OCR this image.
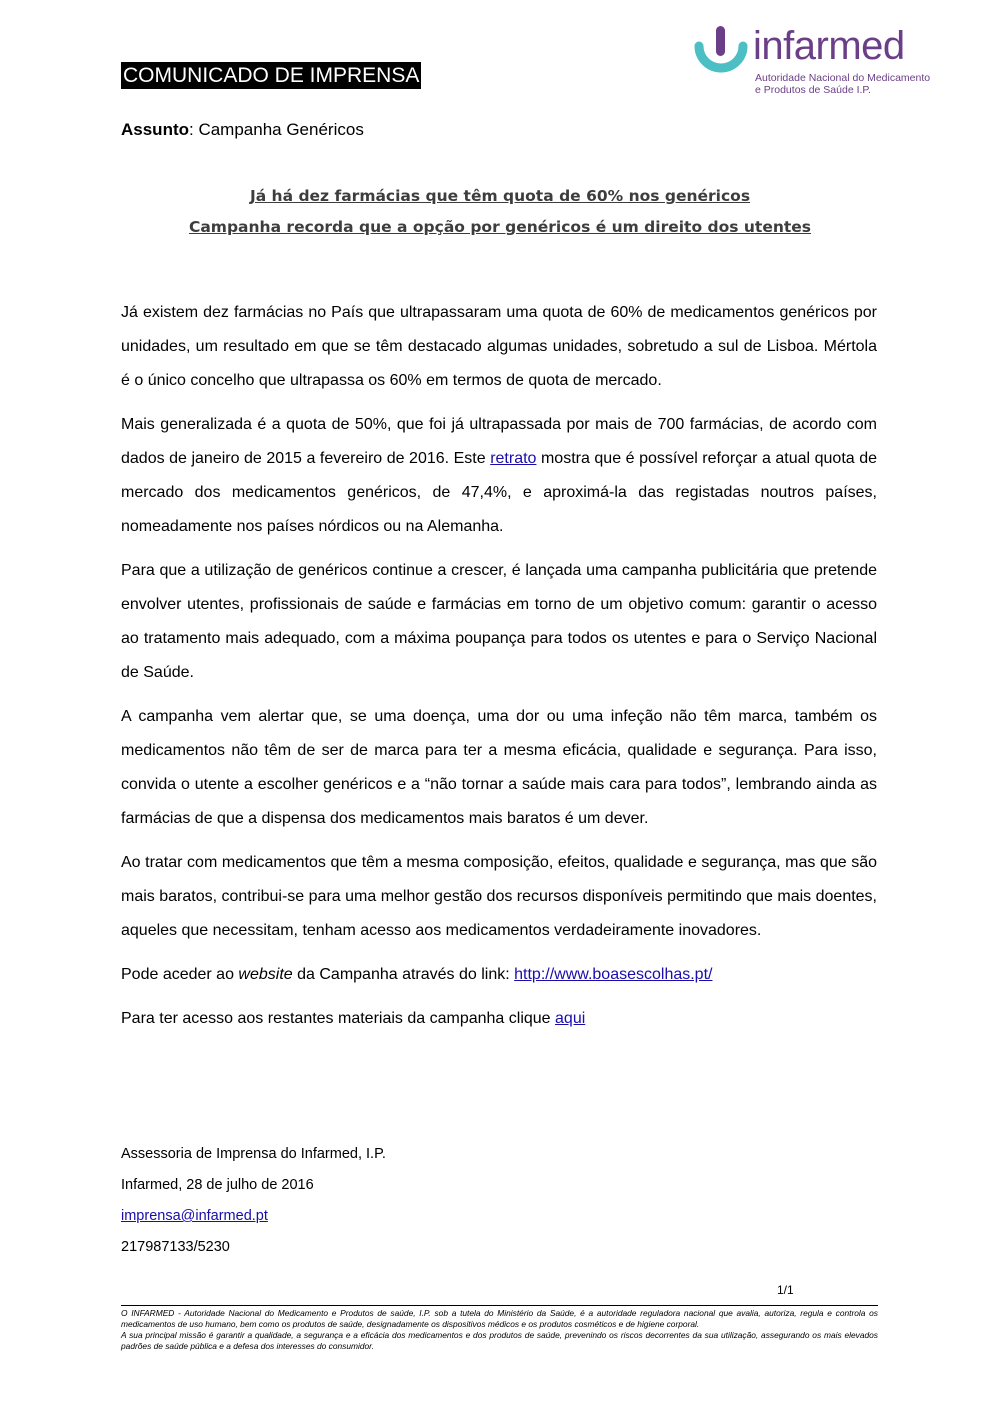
COMUNICADO DE IMPRENSA
infarmed
Autoridade Nacional do Medicamento
e Produtos de Saúde I.P.
Assunto: Campanha Genéricos
Já há dez farmácias que têm quota de 60% nos genéricos
Campanha recorda que a opção por genéricos é um direito dos utentes

Já existem dez farmácias no País que ultrapassaram uma quota de 60% de medicamentos genéricos por unidades, um resultado em que se têm destacado algumas unidades, sobretudo a sul de Lisboa. Mértola é o único concelho que ultrapassa os 60% em termos de quota de mercado.

Mais generalizada é a quota de 50%, que foi já ultrapassada por mais de 700 farmácias, de acordo com dados de janeiro de 2015 a fevereiro de 2016. Este retrato mostra que é possível reforçar a atual quota de mercado dos medicamentos genéricos, de 47,4%, e aproximá-la das registadas noutros países, nomeadamente nos países nórdicos ou na Alemanha.

Para que a utilização de genéricos continue a crescer, é lançada uma campanha publicitária que pretende envolver utentes, profissionais de saúde e farmácias em torno de um objetivo comum: garantir o acesso ao tratamento mais adequado, com a máxima poupança para todos os utentes e para o Serviço Nacional de Saúde.

A campanha vem alertar que, se uma doença, uma dor ou uma infeção não têm marca, também os medicamentos não têm de ser de marca para ter a mesma eficácia, qualidade e segurança. Para isso, convida o utente a escolher genéricos e a “não tornar a saúde mais cara para todos”, lembrando ainda as farmácias de que a dispensa dos medicamentos mais baratos é um dever.

Ao tratar com medicamentos que têm a mesma composição, efeitos, qualidade e segurança, mas que são mais baratos, contribui-se para uma melhor gestão dos recursos disponíveis permitindo que mais doentes, aqueles que necessitam, tenham acesso aos medicamentos verdadeiramente inovadores.

Pode aceder ao website da Campanha através do link: http://www.boasescolhas.pt/

Para ter acesso aos restantes materiais da campanha clique aqui

Assessoria de Imprensa do Infarmed, I.P.
Infarmed, 28 de julho de 2016
imprensa@infarmed.pt
217987133/5230
1/1

O INFARMED - Autoridade Nacional do Medicamento e Produtos de saúde, I.P. sob a tutela do Ministério da Saúde, é a autoridade reguladora nacional que avalia, autoriza, regula e controla os medicamentos de uso humano, bem como os produtos de saúde, designadamente os dispositivos médicos e os produtos cosméticos e de higiene corporal.

A sua principal missão é garantir a qualidade, a segurança e a eficácia dos medicamentos e dos produtos de saúde, prevenindo os riscos decorrentes da sua utilização, assegurando os mais elevados padrões de saúde pública e a defesa dos interesses do consumidor.
